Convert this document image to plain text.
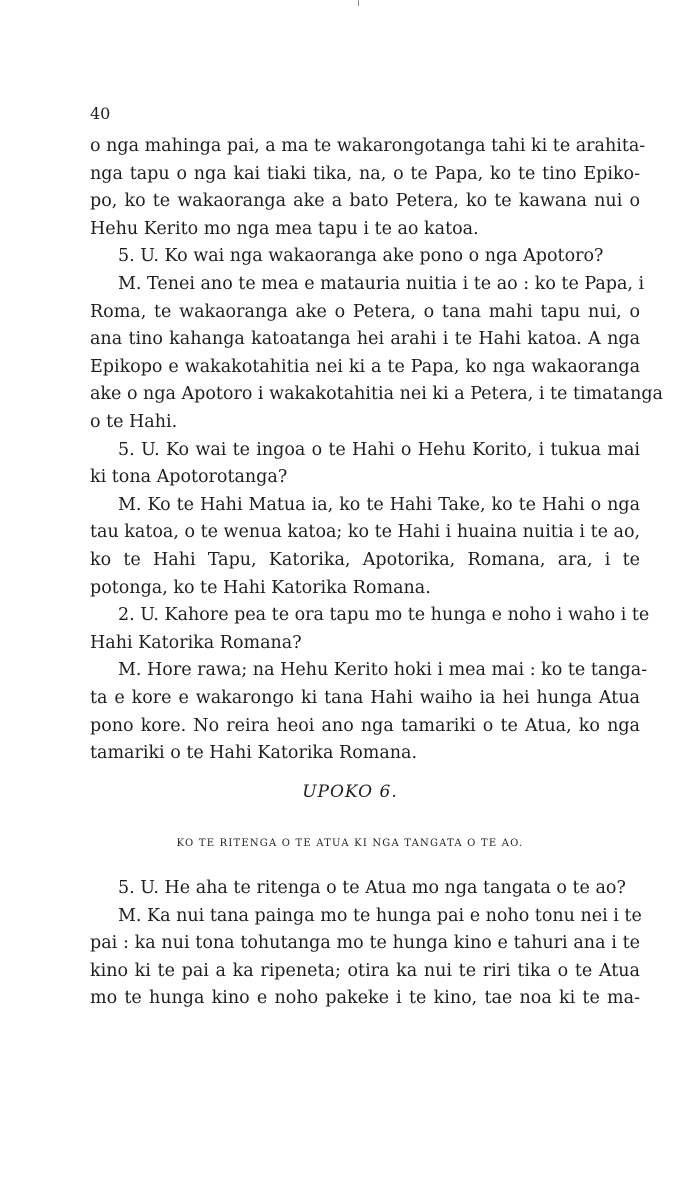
40

o nga mahinga pai, a ma te wakarongotanga tahi ki te arahita-

nga tapu o nga kai tiaki tika, na, o te Papa, ko te tino Epiko-

po, ko te wakaoranga ake a bato Petera, ko te kawana nui o

Hehu Kerito mo nga mea tapu i te ao katoa.

5. U. Ko wai nga wakaoranga ake pono o nga Apotoro?

M. Tenei ano te mea e matauria nuitia i te ao : ko te Papa, i

Roma, te wakaoranga ake o Petera, o tana mahi tapu nui, o

ana tino kahanga katoatanga hei arahi i te Hahi katoa. A nga

Epikopo e wakakotahitia nei ki a te Papa, ko nga wakaoranga

ake o nga Apotoro i wakakotahitia nei ki a Petera, i te timatanga

o te Hahi.

5. U. Ko wai te ingoa o te Hahi o Hehu Korito, i tukua mai

ki tona Apotorotanga?

M. Ko te Hahi Matua ia, ko te Hahi Take, ko te Hahi o nga

tau katoa, o te wenua katoa; ko te Hahi i huaina nuitia i te ao,

ko te Hahi Tapu, Katorika, Apotorika, Romana, ara, i te

potonga, ko te Hahi Katorika Romana.

2. U. Kahore pea te ora tapu mo te hunga e noho i waho i te

Hahi Katorika Romana?

M. Hore rawa; na Hehu Kerito hoki i mea mai : ko te tanga-

ta e kore e wakarongo ki tana Hahi waiho ia hei hunga Atua

pono kore. No reira heoi ano nga tamariki o te Atua, ko nga

tamariki o te Hahi Katorika Romana.

UPOKO 6.

KO TE RITENGA O TE ATUA KI NGA TANGATA O TE AO.

5. U. He aha te ritenga o te Atua mo nga tangata o te ao?

M. Ka nui tana painga mo te hunga pai e noho tonu nei i te

pai : ka nui tona tohutanga mo te hunga kino e tahuri ana i te

kino ki te pai a ka ripeneta; otira ka nui te riri tika o te Atua

mo te hunga kino e noho pakeke i te kino, tae noa ki te ma-
